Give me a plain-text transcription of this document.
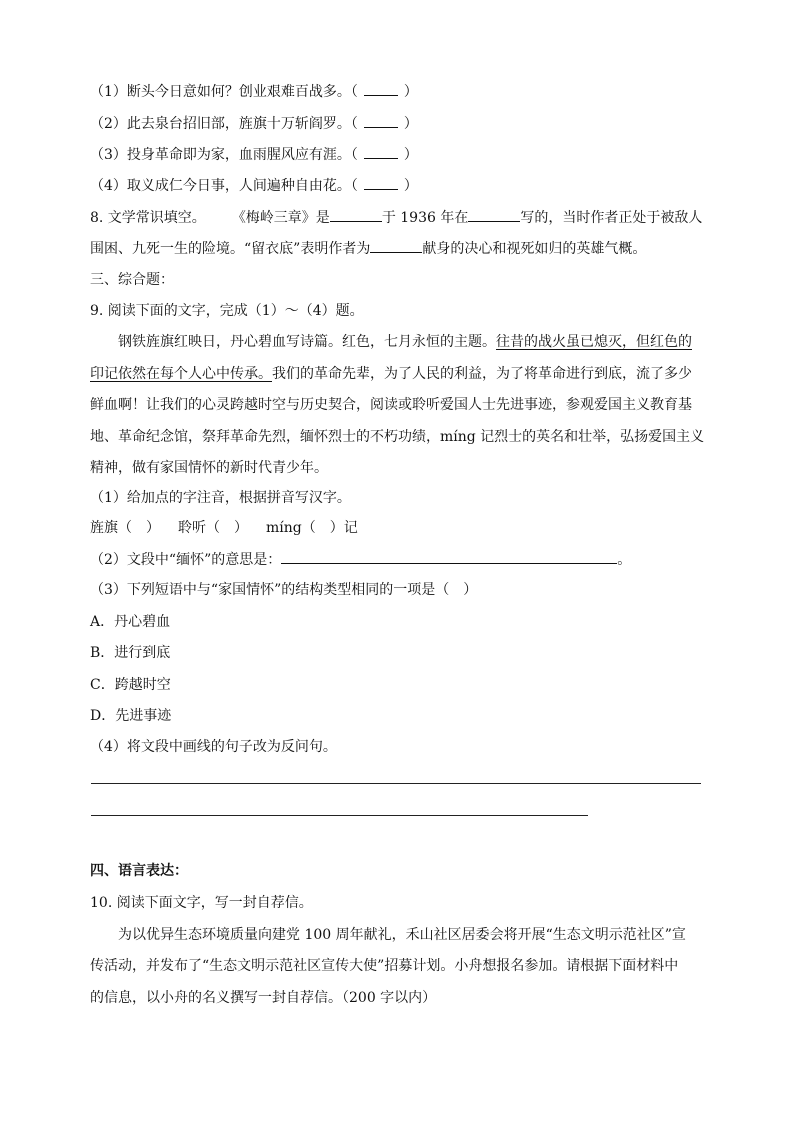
（1）断头今日意如何？创业艰难百战多。（	）
（2）此去泉台招旧部，旌旗十万斩阎罗。（	）
（3）投身革命即为家，血雨腥风应有涯。（	）
（4）取义成仁今日事，人间遍种自由花。（	）
8. 文学常识填空。 《梅岭三章》是	于 1936 年在	写的，当时作者正处于被敌人
围困、九死一生的险境。“留衣底”表明作者为	献身的决心和视死如归的英雄气概。
三、综合题：
9. 阅读下面的文字，完成（1）～（4）题。
钢铁旌旗红映日，丹心碧血写诗篇。红色，七月永恒的主题。往昔的战火虽已熄灭，但红色的
印记依然在每个人心中传承。我们的革命先辈，为了人民的利益，为了将革命进行到底，流了多少
鲜血啊！让我们的心灵跨越时空与历史契合，阅读或聆听爱国人士先进事迹，参观爱国主义教育基
地、革命纪念馆，祭拜革命先烈，缅怀烈士的不朽功绩，míng 记烈士的英名和壮举，弘扬爱国主义
精神，做有家国情怀的新时代青少年。
（1）给加点的字注音，根据拼音写汉字。
旌旗（　） 聆听（　） míng（　）记
（2）文段中“缅怀”的意思是：	。
（3）下列短语中与“家国情怀”的结构类型相同的一项是（　）
A．丹心碧血
B．进行到底
C．跨越时空
D．先进事迹
（4）将文段中画线的句子改为反问句。
四、语言表达：
10. 阅读下面文字，写一封自荐信。
为以优异生态环境质量向建党 100 周年献礼，禾山社区居委会将开展“生态文明示范社区”宣
传活动，并发布了“生态文明示范社区宣传大使”招募计划。小舟想报名参加。请根据下面材料中
的信息，以小舟的名义撰写一封自荐信。（200 字以内）
